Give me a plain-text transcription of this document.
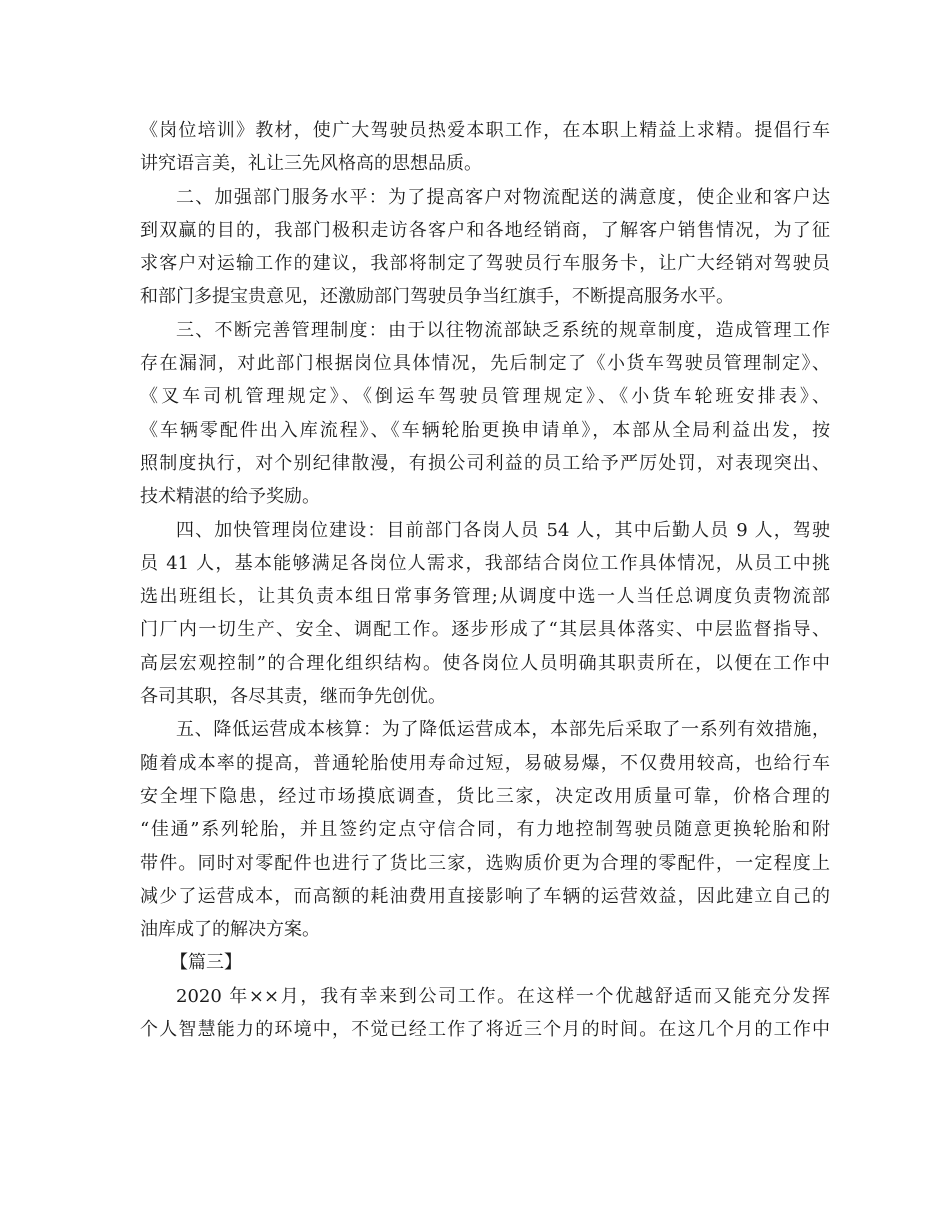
《岗位培训》教材，使广大驾驶员热爱本职工作，在本职上精益上求精。提倡行车
讲究语言美，礼让三先风格高的思想品质。
二、加强部门服务水平：为了提高客户对物流配送的满意度，使企业和客户达
到双赢的目的，我部门极积走访各客户和各地经销商，了解客户销售情况，为了征
求客户对运输工作的建议，我部将制定了驾驶员行车服务卡，让广大经销对驾驶员
和部门多提宝贵意见，还激励部门驾驶员争当红旗手，不断提高服务水平。
三、不断完善管理制度：由于以往物流部缺乏系统的规章制度，造成管理工作
存在漏洞，对此部门根据岗位具体情况，先后制定了《小货车驾驶员管理制定》、
《叉车司机管理规定》、《倒运车驾驶员管理规定》、《小货车轮班安排表》、
《车辆零配件出入库流程》、《车辆轮胎更换申请单》，本部从全局利益出发，按
照制度执行，对个别纪律散漫，有损公司利益的员工给予严厉处罚，对表现突出、
技术精湛的给予奖励。
四、加快管理岗位建设：目前部门各岗人员 54 人，其中后勤人员 9 人，驾驶
员 41 人，基本能够满足各岗位人需求，我部结合岗位工作具体情况，从员工中挑
选出班组长，让其负责本组日常事务管理;从调度中选一人当任总调度负责物流部
门厂内一切生产、安全、调配工作。逐步形成了“其层具体落实、中层监督指导、
高层宏观控制”的合理化组织结构。使各岗位人员明确其职责所在，以便在工作中
各司其职，各尽其责，继而争先创优。
五、降低运营成本核算：为了降低运营成本，本部先后采取了一系列有效措施，
随着成本率的提高，普通轮胎使用寿命过短，易破易爆，不仅费用较高，也给行车
安全埋下隐患，经过市场摸底调查，货比三家，决定改用质量可靠，价格合理的
“佳通”系列轮胎，并且签约定点守信合同，有力地控制驾驶员随意更换轮胎和附
带件。同时对零配件也进行了货比三家，选购质价更为合理的零配件，一定程度上
减少了运营成本，而高额的耗油费用直接影响了车辆的运营效益，因此建立自己的
油库成了的解决方案。
【篇三】
2020 年××月，我有幸来到公司工作。在这样一个优越舒适而又能充分发挥
个人智慧能力的环境中，不觉已经工作了将近三个月的时间。在这几个月的工作中
